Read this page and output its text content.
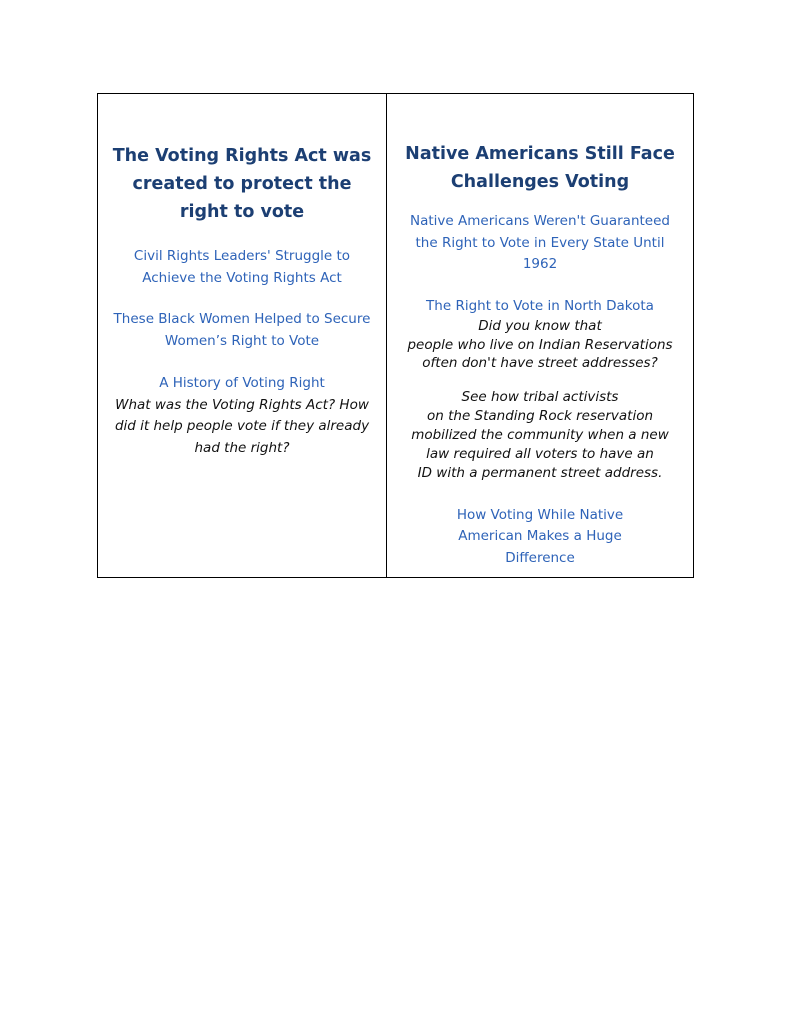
The Voting Rights Act was created to protect the right to vote
Civil Rights Leaders' Struggle to Achieve the Voting Rights Act
These Black Women Helped to Secure Women’s Right to Vote
A History of Voting Right
What was the Voting Rights Act? How did it help people vote if they already had the right?
Native Americans Still Face Challenges Voting
Native Americans Weren't Guaranteed the Right to Vote in Every State Until 1962
The Right to Vote in North Dakota
Did you know that
people who live on Indian Reservations
often don't have street addresses?
See how tribal activists
on the Standing Rock reservation
mobilized the community when a new
law required all voters to have an
ID with a permanent street address.
How Voting While Native American Makes a Huge Difference
